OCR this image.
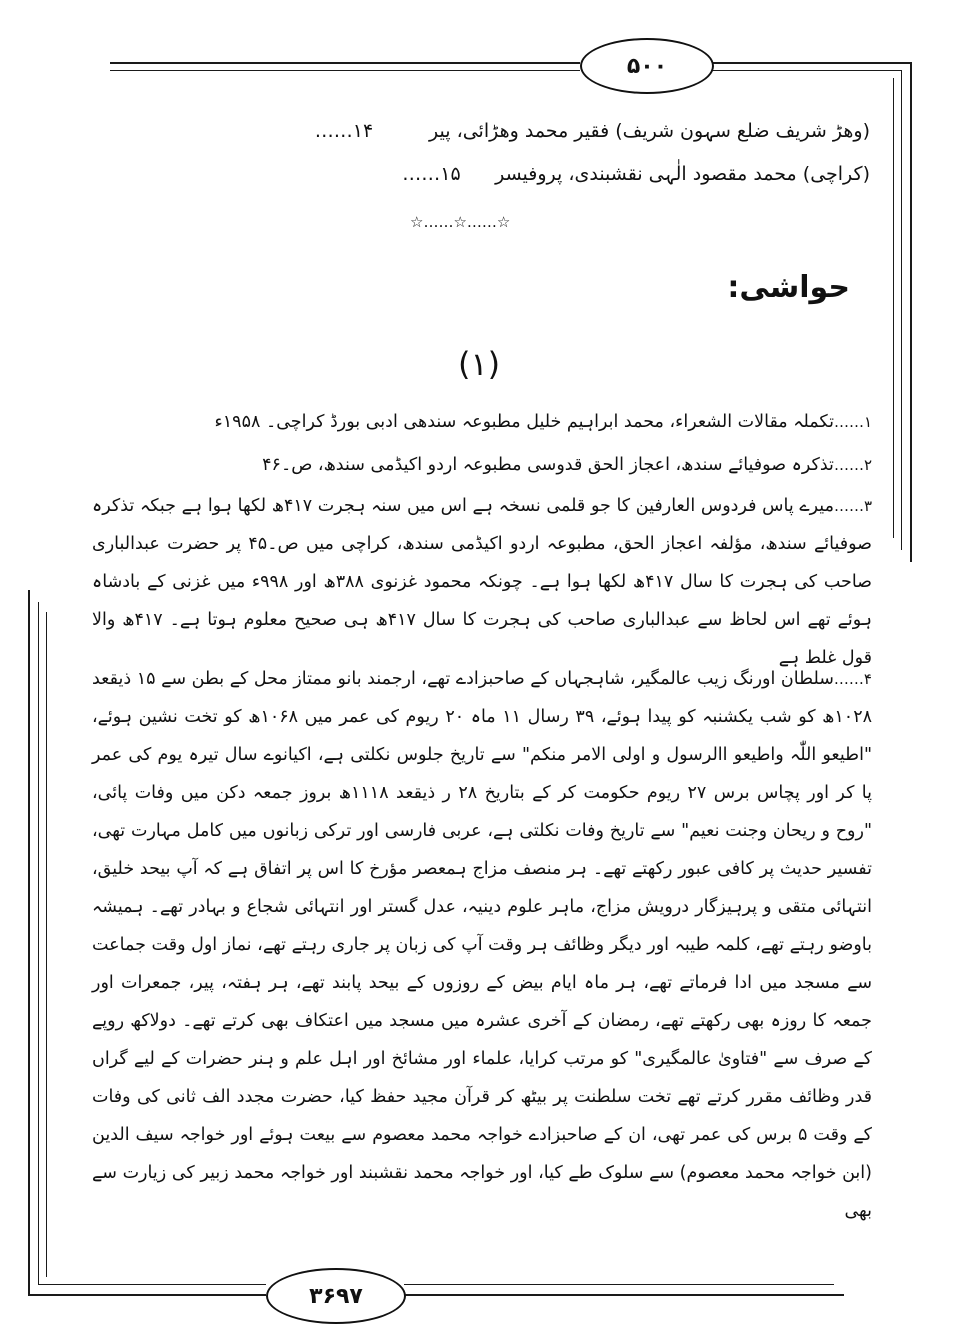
۵۰۰
۳۶۹۷
۱۴……	فقیر محمد وھڑائی، پیر (وھڑ شریف ضلع سہون شریف)
۱۵…… محمد مقصود الٰہی نقشبندی، پروفیسر (کراچی)
☆……☆……☆
حواشی:
(۱)
۱……تکملہ مقالات الشعراء، محمد ابراہیم خلیل مطبوعہ سندھی ادبی بورڈ کراچی۔ ۱۹۵۸ء
۲……تذکرہ صوفیائے سندھ، اعجاز الحق قدوسی مطبوعہ اردو اکیڈمی سندھ، ص۔۴۶
۳……میرے پاس فردوس العارفین کا جو قلمی نسخہ ہے اس میں سنہ ہجرت ۴۱۷ھ لکھا ہوا ہے جبکہ تذکرہ صوفیائے سندھ، مؤلفہ اعجاز الحق، مطبوعہ اردو اکیڈمی سندھ، کراچی میں ص۔۴۵ پر حضرت عبدالباری صاحب کی ہجرت کا سال ۴۱۷ھ لکھا ہوا ہے۔ چونکہ محمود غزنوی ۳۸۸ھ اور ۹۹۸ء میں غزنی کے بادشاہ ہوئے تھے اس لحاظ سے عبدالباری صاحب کی ہجرت کا سال ۴۱۷ھ ہی صحیح معلوم ہوتا ہے۔ ۴۱۷ھ والا قول غلط ہے
۴……سلطان اورنگ زیب عالمگیر، شاہجہاں کے صاحبزادے تھے، ارجمند بانو ممتاز محل کے بطن سے ۱۵ ذیقعد ۱۰۲۸ھ کو شب یکشنبہ کو پیدا ہوئے، ۳۹ رسال ۱۱ ماہ ۲۰ ریوم کی عمر میں ۱۰۶۸ھ کو تخت نشین ہوئے، "اطیعو اللّٰہ واطیعو االرسول و اولی الامر منکم" سے تاریخ جلوس نکلتی ہے، اکیانوے سال تیرہ یوم کی عمر پا کر اور پچاس برس ۲۷ ریوم حکومت کر کے بتاریخ ۲۸ ر ذیقعد ۱۱۱۸ھ بروز جمعہ دکن میں وفات پائی، "روح و ریحان وجنت نعیم" سے تاریخ وفات نکلتی ہے، عربی فارسی اور ترکی زبانوں میں کامل مہارت تھی، تفسیر حدیث پر کافی عبور رکھتے تھے۔ ہر منصف مزاج ہمعصر مؤرخ کا اس پر اتفاق ہے کہ آپ بیحد خلیق، انتہائی متقی و پرہیزگار درویش مزاج، ماہر علوم دینیہ، عدل گستر اور انتہائی شجاع و بہادر تھے۔ ہمیشہ باوضو رہتے تھے، کلمہ طیبہ اور دیگر وظائف ہر وقت آپ کی زبان پر جاری رہتے تھے، نماز اول وقت جماعت سے مسجد میں ادا فرماتے تھے، ہر ماہ ایام بیض کے روزوں کے بیحد پابند تھے، ہر ہفتہ، پیر، جمعرات اور جمعہ کا روزہ بھی رکھتے تھے، رمضان کے آخری عشرہ میں مسجد میں اعتکاف بھی کرتے تھے۔ دولاکھ روپے کے صرف سے "فتاویٰ عالمگیری" کو مرتب کرایا، علماء اور مشائخ اور اہل علم و ہنر حضرات کے لیے گراں قدر وظائف مقرر کرتے تھے تخت سلطنت پر بیٹھ کر قرآن مجید حفظ کیا، حضرت مجدد الف ثانی کی وفات کے وقت ۵ برس کی عمر تھی، ان کے صاحبزادے خواجہ محمد معصوم سے بیعت ہوئے اور خواجہ سیف الدین (ابن خواجہ محمد معصوم) سے سلوک طے کیا، اور خواجہ محمد نقشبند اور خواجہ محمد زبیر کی زیارت سے بھی
